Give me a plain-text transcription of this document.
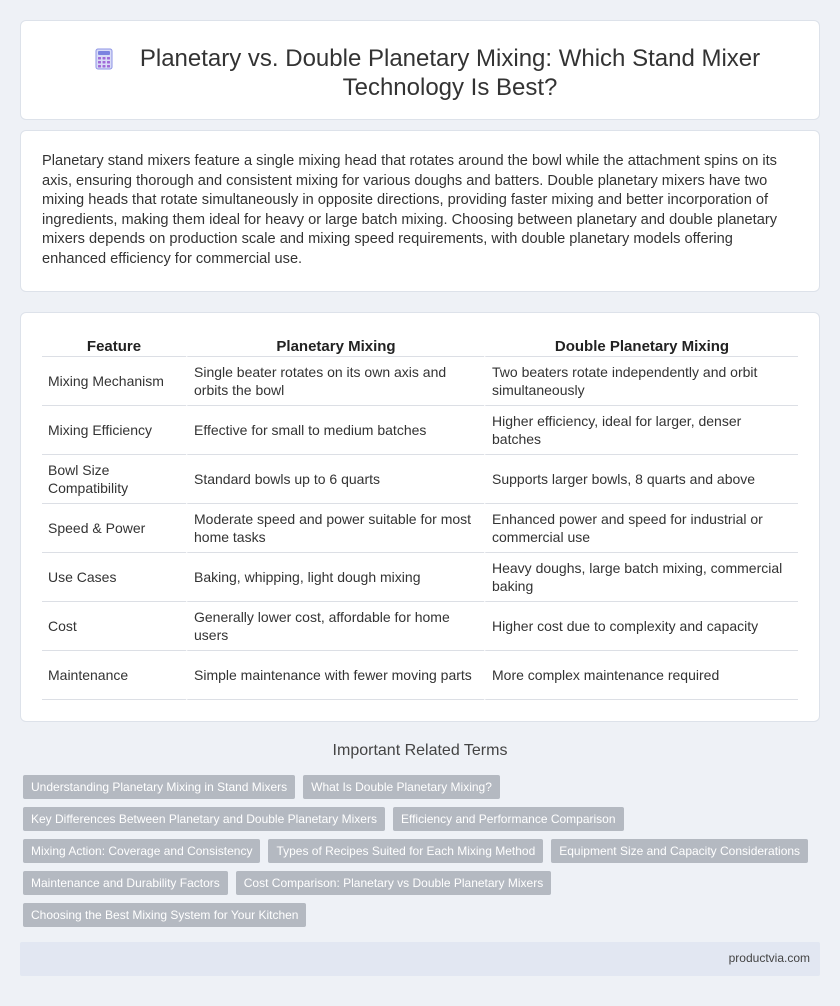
Planetary vs. Double Planetary Mixing: Which Stand Mixer Technology Is Best?

Planetary stand mixers feature a single mixing head that rotates around the bowl while the attachment spins on its axis, ensuring thorough and consistent mixing for various doughs and batters. Double planetary mixers have two mixing heads that rotate simultaneously in opposite directions, providing faster mixing and better incorporation of ingredients, making them ideal for heavy or large batch mixing. Choosing between planetary and double planetary mixers depends on production scale and mixing speed requirements, with double planetary models offering enhanced efficiency for commercial use.

Feature	Planetary Mixing	Double Planetary Mixing
Mixing Mechanism	Single beater rotates on its own axis and orbits the bowl	Two beaters rotate independently and orbit simultaneously
Mixing Efficiency	Effective for small to medium batches	Higher efficiency, ideal for larger, denser batches
Bowl Size Compatibility	Standard bowls up to 6 quarts	Supports larger bowls, 8 quarts and above
Speed & Power	Moderate speed and power suitable for most home tasks	Enhanced power and speed for industrial or commercial use
Use Cases	Baking, whipping, light dough mixing	Heavy doughs, large batch mixing, commercial baking
Cost	Generally lower cost, affordable for home users	Higher cost due to complexity and capacity
Maintenance	Simple maintenance with fewer moving parts	More complex maintenance required
Important Related Terms
Understanding Planetary Mixing in Stand Mixers	What Is Double Planetary Mixing?
Key Differences Between Planetary and Double Planetary Mixers	Efficiency and Performance Comparison
Mixing Action: Coverage and Consistency	Types of Recipes Suited for Each Mixing Method	Equipment Size and Capacity Considerations
Maintenance and Durability Factors	Cost Comparison: Planetary vs Double Planetary Mixers
Choosing the Best Mixing System for Your Kitchen
productvia.com
